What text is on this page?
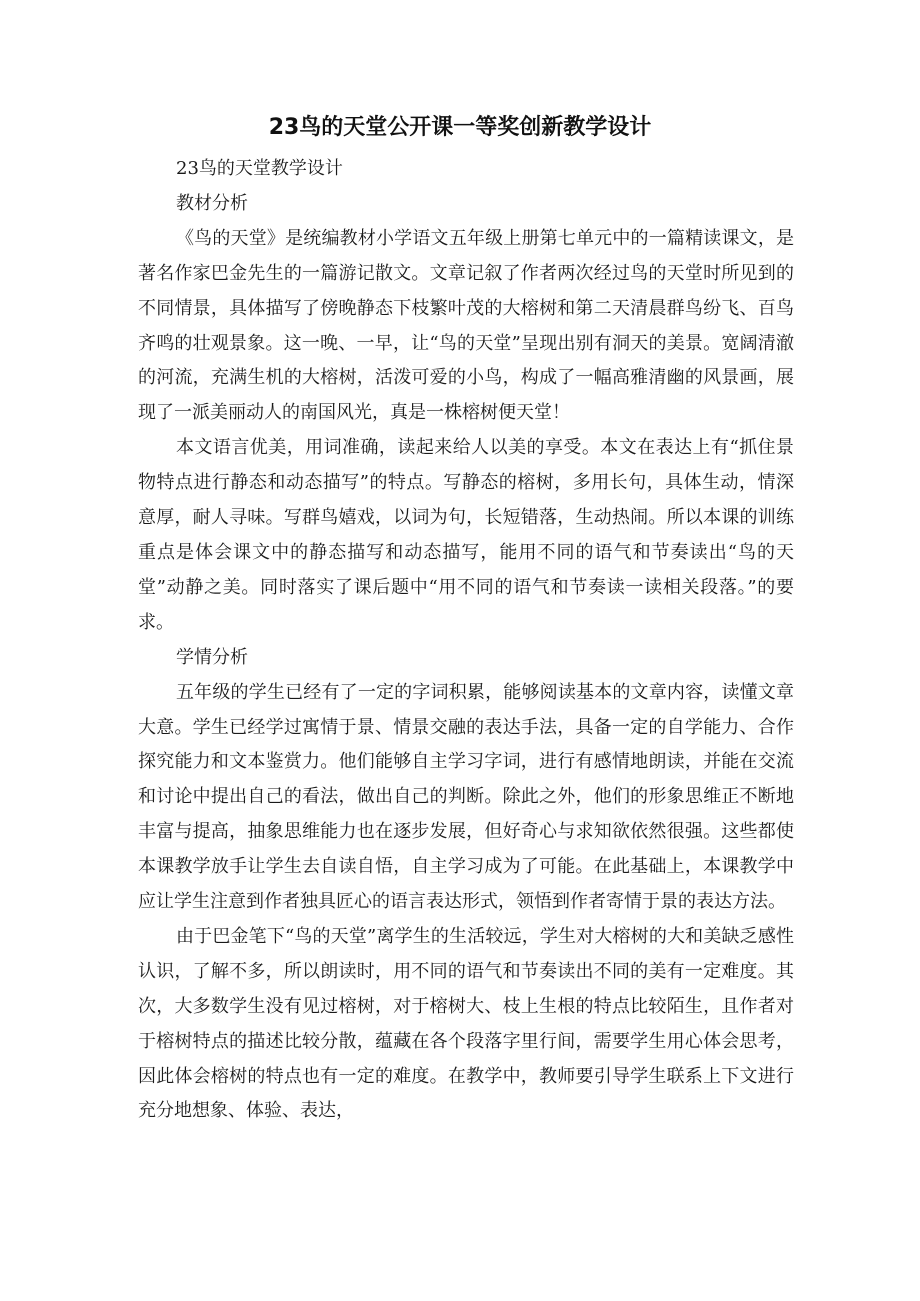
23鸟的天堂公开课一等奖创新教学设计

23鸟的天堂教学设计

教材分析

《鸟的天堂》是统编教材小学语文五年级上册第七单元中的一篇精读课文，是著名作家巴金先生的一篇游记散文。文章记叙了作者两次经过鸟的天堂时所见到的不同情景，具体描写了傍晚静态下枝繁叶茂的大榕树和第二天清晨群鸟纷飞、百鸟齐鸣的壮观景象。这一晚、一早，让“鸟的天堂”呈现出别有洞天的美景。宽阔清澈的河流，充满生机的大榕树，活泼可爱的小鸟，构成了一幅高雅清幽的风景画，展现了一派美丽动人的南国风光，真是一株榕树便天堂！

本文语言优美，用词准确，读起来给人以美的享受。本文在表达上有“抓住景物特点进行静态和动态描写”的特点。写静态的榕树，多用长句，具体生动，情深意厚，耐人寻味。写群鸟嬉戏，以词为句，长短错落，生动热闹。所以本课的训练重点是体会课文中的静态描写和动态描写，能用不同的语气和节奏读出“鸟的天堂”动静之美。同时落实了课后题中“用不同的语气和节奏读一读相关段落。”的要求。

学情分析

五年级的学生已经有了一定的字词积累，能够阅读基本的文章内容，读懂文章大意。学生已经学过寓情于景、情景交融的表达手法，具备一定的自学能力、合作探究能力和文本鉴赏力。他们能够自主学习字词，进行有感情地朗读，并能在交流和讨论中提出自己的看法，做出自己的判断。除此之外，他们的形象思维正不断地丰富与提高，抽象思维能力也在逐步发展，但好奇心与求知欲依然很强。这些都使本课教学放手让学生去自读自悟，自主学习成为了可能。在此基础上，本课教学中应让学生注意到作者独具匠心的语言表达形式，领悟到作者寄情于景的表达方法。

由于巴金笔下“鸟的天堂”离学生的生活较远，学生对大榕树的大和美缺乏感性认识，了解不多，所以朗读时，用不同的语气和节奏读出不同的美有一定难度。其次，大多数学生没有见过榕树，对于榕树大、枝上生根的特点比较陌生，且作者对于榕树特点的描述比较分散，蕴藏在各个段落字里行间，需要学生用心体会思考，因此体会榕树的特点也有一定的难度。在教学中，教师要引导学生联系上下文进行充分地想象、体验、表达，
